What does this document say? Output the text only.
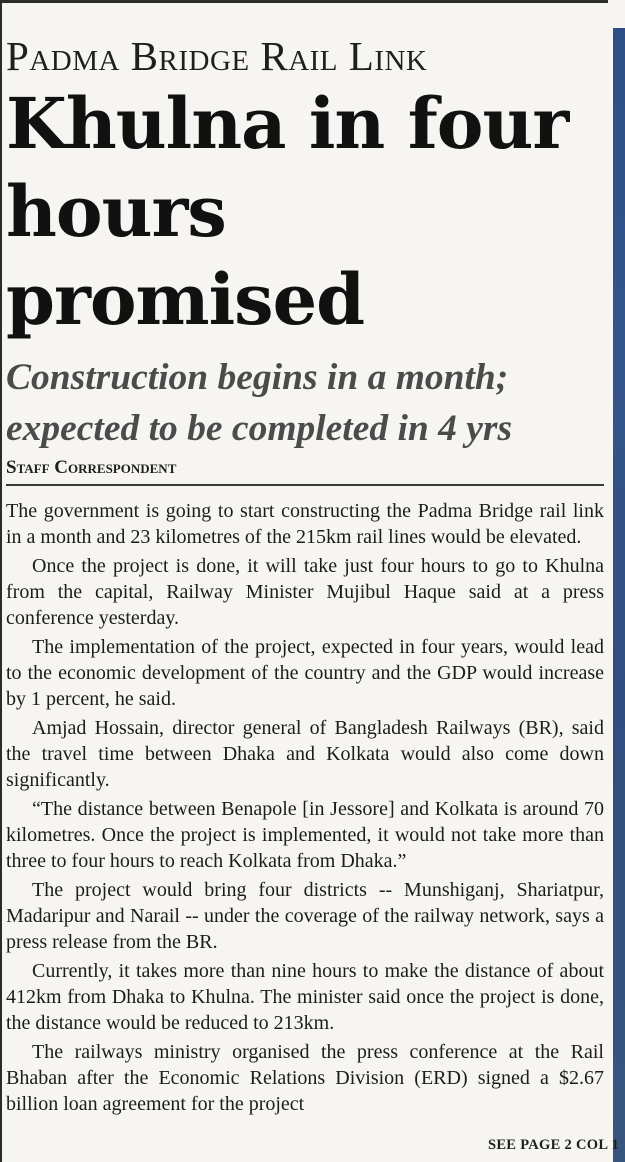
Padma Bridge Rail Link
Khulna in four hours promised
Construction begins in a month;
expected to be completed in 4 yrs
Staff Correspondent

The government is going to start constructing the Padma Bridge rail link in a month and 23 kilometres of the 215km rail lines would be elevated.

Once the project is done, it will take just four hours to go to Khulna from the capital, Railway Minister Mujibul Haque said at a press conference yesterday.

The implementation of the project, expected in four years, would lead to the economic development of the country and the GDP would increase by 1 percent, he said.

Amjad Hossain, director general of Bangladesh Railways (BR), said the travel time between Dhaka and Kolkata would also come down significantly.

“The distance between Benapole [in Jessore] and Kolkata is around 70 kilometres. Once the project is implemented, it would not take more than three to four hours to reach Kolkata from Dhaka.”

The project would bring four districts -- Munshiganj, Shariatpur, Madaripur and Narail -- under the coverage of the railway network, says a press release from the BR.

Currently, it takes more than nine hours to make the distance of about 412km from Dhaka to Khulna. The minister said once the project is done, the distance would be reduced to 213km.

The railways ministry organised the press conference at the Rail Bhaban after the Economic Relations Division (ERD) signed a $2.67 billion loan agreement for the project

SEE PAGE 2 COL 1
